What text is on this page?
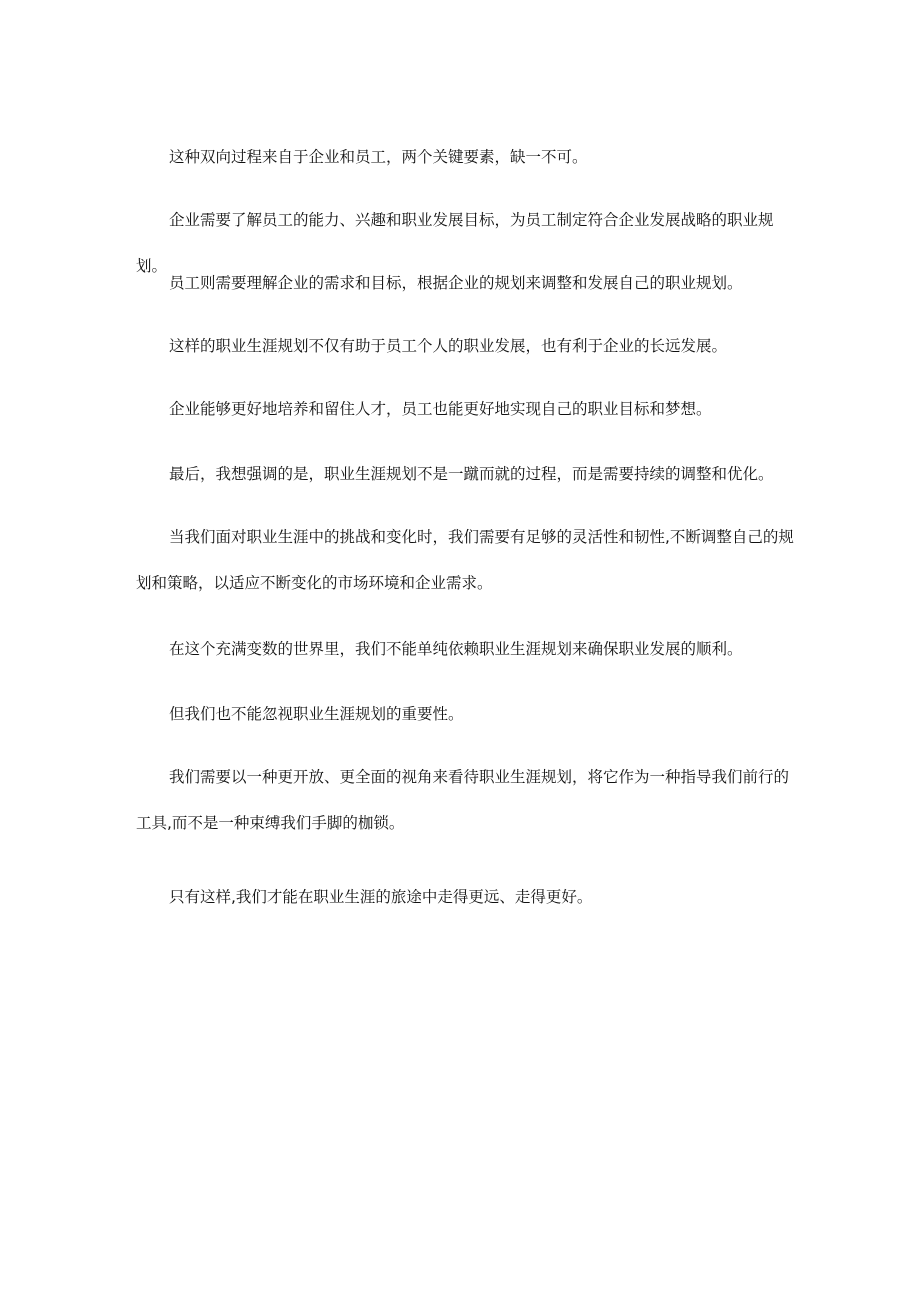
这种双向过程来自于企业和员工，两个关键要素，缺一不可。

企业需要了解员工的能力、兴趣和职业发展目标，为员工制定符合企业发展战略的职业规划。

员工则需要理解企业的需求和目标，根据企业的规划来调整和发展自己的职业规划。

这样的职业生涯规划不仅有助于员工个人的职业发展，也有利于企业的长远发展。

企业能够更好地培养和留住人才，员工也能更好地实现自己的职业目标和梦想。

最后，我想强调的是，职业生涯规划不是一蹴而就的过程，而是需要持续的调整和优化。

当我们面对职业生涯中的挑战和变化时，我们需要有足够的灵活性和韧性,不断调整自己的规划和策略，以适应不断变化的市场环境和企业需求。

在这个充满变数的世界里，我们不能单纯依赖职业生涯规划来确保职业发展的顺利。

但我们也不能忽视职业生涯规划的重要性。

我们需要以一种更开放、更全面的视角来看待职业生涯规划，将它作为一种指导我们前行的工具,而不是一种束缚我们手脚的枷锁。

只有这样,我们才能在职业生涯的旅途中走得更远、走得更好。
